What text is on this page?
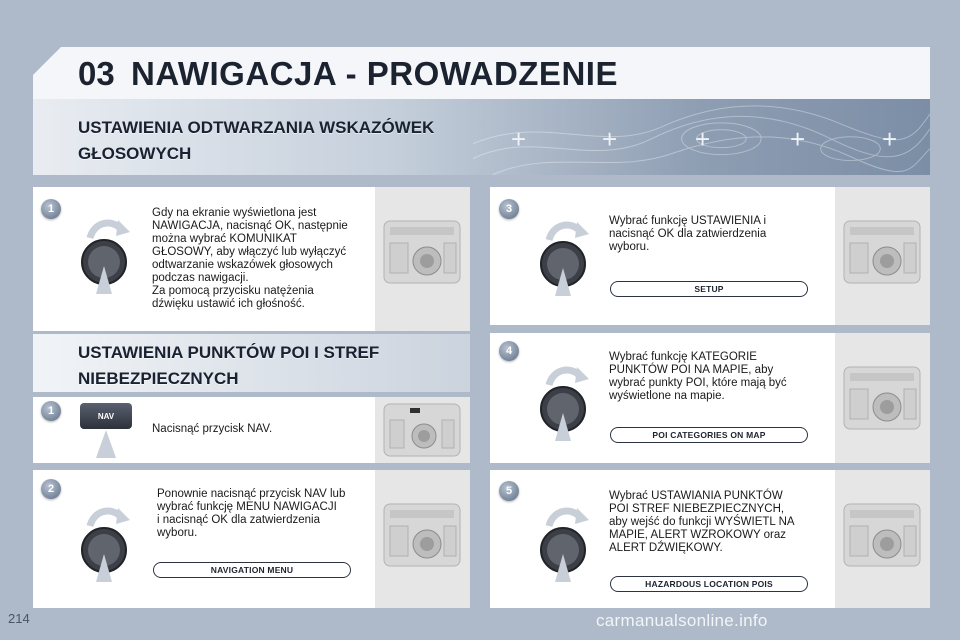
03 NAWIGACJA - PROWADZENIE
+	+	+	+	+
USTAWIENIA ODTWARZANIA WSKAZÓWEK
GŁOSOWYCH
1	Gdy na ekranie wyświetlona jest
NAWIGACJA, nacisnąć OK, następnie
można wybrać KOMUNIKAT
GŁOSOWY, aby włączyć lub wyłączyć
odtwarzanie wskazówek głosowych
podczas nawigacji.
Za pomocą przycisku natężenia
dźwięku ustawić ich głośność.
USTAWIENIA PUNKTÓW POI I STREF
NIEBEZPIECZNYCH
1	NAV
Nacisnąć przycisk NAV.
2	Ponownie nacisnąć przycisk NAV lub
wybrać funkcję MENU NAWIGACJI
i nacisnąć OK dla zatwierdzenia
wyboru.
NAVIGATION MENU
3
Wybrać funkcję USTAWIENIA i
nacisnąć OK dla zatwierdzenia
wyboru.
SETUP
4	Wybrać funkcję KATEGORIE
PUNKTÓW POI NA MAPIE, aby
wybrać punkty POI, które mają być
wyświetlone na mapie.
POI CATEGORIES ON MAP
5	Wybrać USTAWIANIA PUNKTÓW
POI STREF NIEBEZPIECZNYCH,
aby wejść do funkcji WYŚWIETL NA
MAPIE, ALERT WZROKOWY oraz
ALERT DŹWIĘKOWY.
HAZARDOUS LOCATION POIS
214	carmanualsonline.info
